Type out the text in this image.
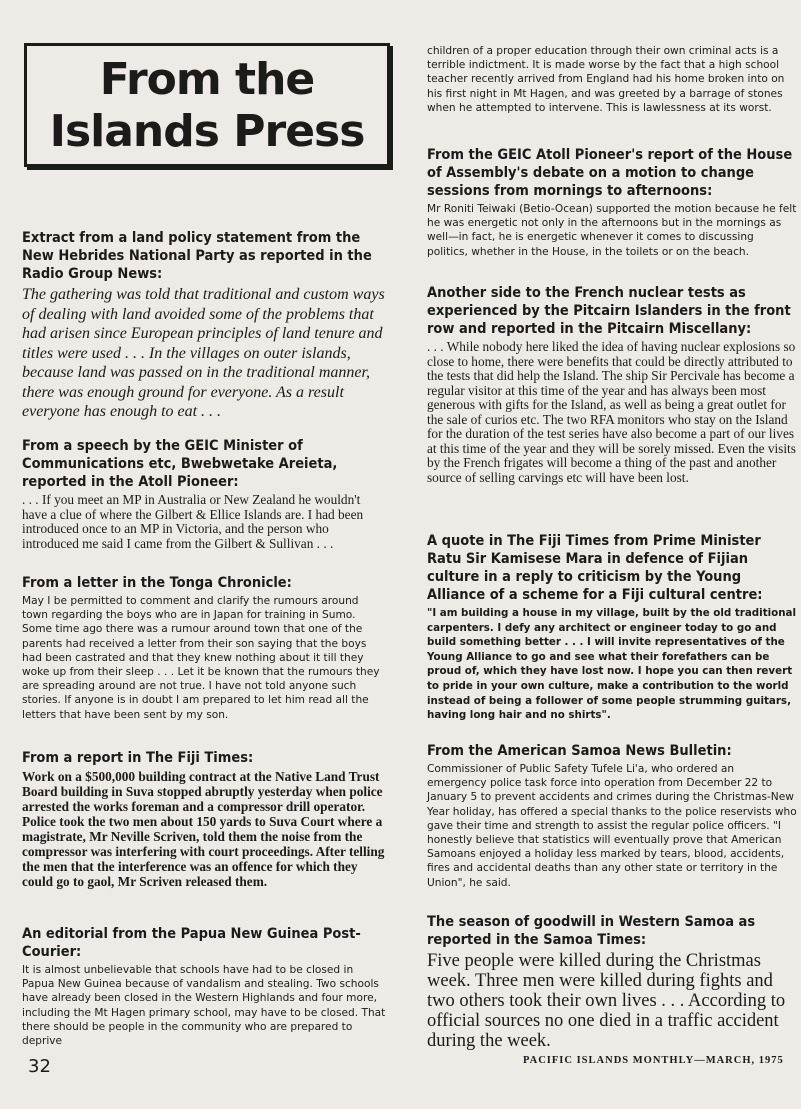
From the Islands Press
Extract from a land policy statement from the New Hebrides National Party as reported in the Radio Group News:
The gathering was told that traditional and custom ways of dealing with land avoided some of the problems that had arisen since European principles of land tenure and titles were used . . . In the villages on outer islands, because land was passed on in the traditional manner, there was enough ground for everyone. As a result everyone has enough to eat . . .
From a speech by the GEIC Minister of Communications etc, Bwebwetake Areieta, reported in the Atoll Pioneer:
. . . If you meet an MP in Australia or New Zealand he wouldn't have a clue of where the Gilbert & Ellice Islands are. I had been introduced once to an MP in Victoria, and the person who introduced me said I came from the Gilbert & Sullivan . . .
From a letter in the Tonga Chronicle:
May I be permitted to comment and clarify the rumours around town regarding the boys who are in Japan for training in Sumo. Some time ago there was a rumour around town that one of the parents had received a letter from their son saying that the boys had been castrated and that they knew nothing about it till they woke up from their sleep . . . Let it be known that the rumours they are spreading around are not true. I have not told anyone such stories. If anyone is in doubt I am prepared to let him read all the letters that have been sent by my son.
From a report in The Fiji Times:
Work on a $500,000 building contract at the Native Land Trust Board building in Suva stopped abruptly yesterday when police arrested the works foreman and a compressor drill operator. Police took the two men about 150 yards to Suva Court where a magistrate, Mr Neville Scriven, told them the noise from the compressor was interfering with court proceedings. After telling the men that the interference was an offence for which they could go to gaol, Mr Scriven released them.
An editorial from the Papua New Guinea Post-Courier:
It is almost unbelievable that schools have had to be closed in Papua New Guinea because of vandalism and stealing. Two schools have already been closed in the Western Highlands and four more, including the Mt Hagen primary school, may have to be closed. That there should be people in the community who are prepared to deprive
children of a proper education through their own criminal acts is a terrible indictment. It is made worse by the fact that a high school teacher recently arrived from England had his home broken into on his first night in Mt Hagen, and was greeted by a barrage of stones when he attempted to intervene. This is lawlessness at its worst.
From the GEIC Atoll Pioneer's report of the House of Assembly's debate on a motion to change sessions from mornings to afternoons:
Mr Roniti Teiwaki (Betio-Ocean) supported the motion because he felt he was energetic not only in the afternoons but in the mornings as well—in fact, he is energetic whenever it comes to discussing politics, whether in the House, in the toilets or on the beach.
Another side to the French nuclear tests as experienced by the Pitcairn Islanders in the front row and reported in the Pitcairn Miscellany:
. . . While nobody here liked the idea of having nuclear explosions so close to home, there were benefits that could be directly attributed to the tests that did help the Island. The ship Sir Percivale has become a regular visitor at this time of the year and has always been most generous with gifts for the Island, as well as being a great outlet for the sale of curios etc. The two RFA monitors who stay on the Island for the duration of the test series have also become a part of our lives at this time of the year and they will be sorely missed. Even the visits by the French frigates will become a thing of the past and another source of selling carvings etc will have been lost.
A quote in The Fiji Times from Prime Minister Ratu Sir Kamisese Mara in defence of Fijian culture in a reply to criticism by the Young Alliance of a scheme for a Fiji cultural centre:
"I am building a house in my village, built by the old traditional carpenters. I defy any architect or engineer today to go and build something better . . . I will invite representatives of the Young Alliance to go and see what their forefathers can be proud of, which they have lost now. I hope you can then revert to pride in your own culture, make a contribution to the world instead of being a follower of some people strumming guitars, having long hair and no shirts".
From the American Samoa News Bulletin:
Commissioner of Public Safety Tufele Li'a, who ordered an emergency police task force into operation from December 22 to January 5 to prevent accidents and crimes during the Christmas-New Year holiday, has offered a special thanks to the police reservists who gave their time and strength to assist the regular police officers. "I honestly believe that statistics will eventually prove that American Samoans enjoyed a holiday less marked by tears, blood, accidents, fires and accidental deaths than any other state or territory in the Union", he said.
The season of goodwill in Western Samoa as reported in the Samoa Times:
Five people were killed during the Christmas week. Three men were killed during fights and two others took their own lives . . . According to official sources no one died in a traffic accident during the week.
32	PACIFIC ISLANDS MONTHLY—MARCH, 1975
